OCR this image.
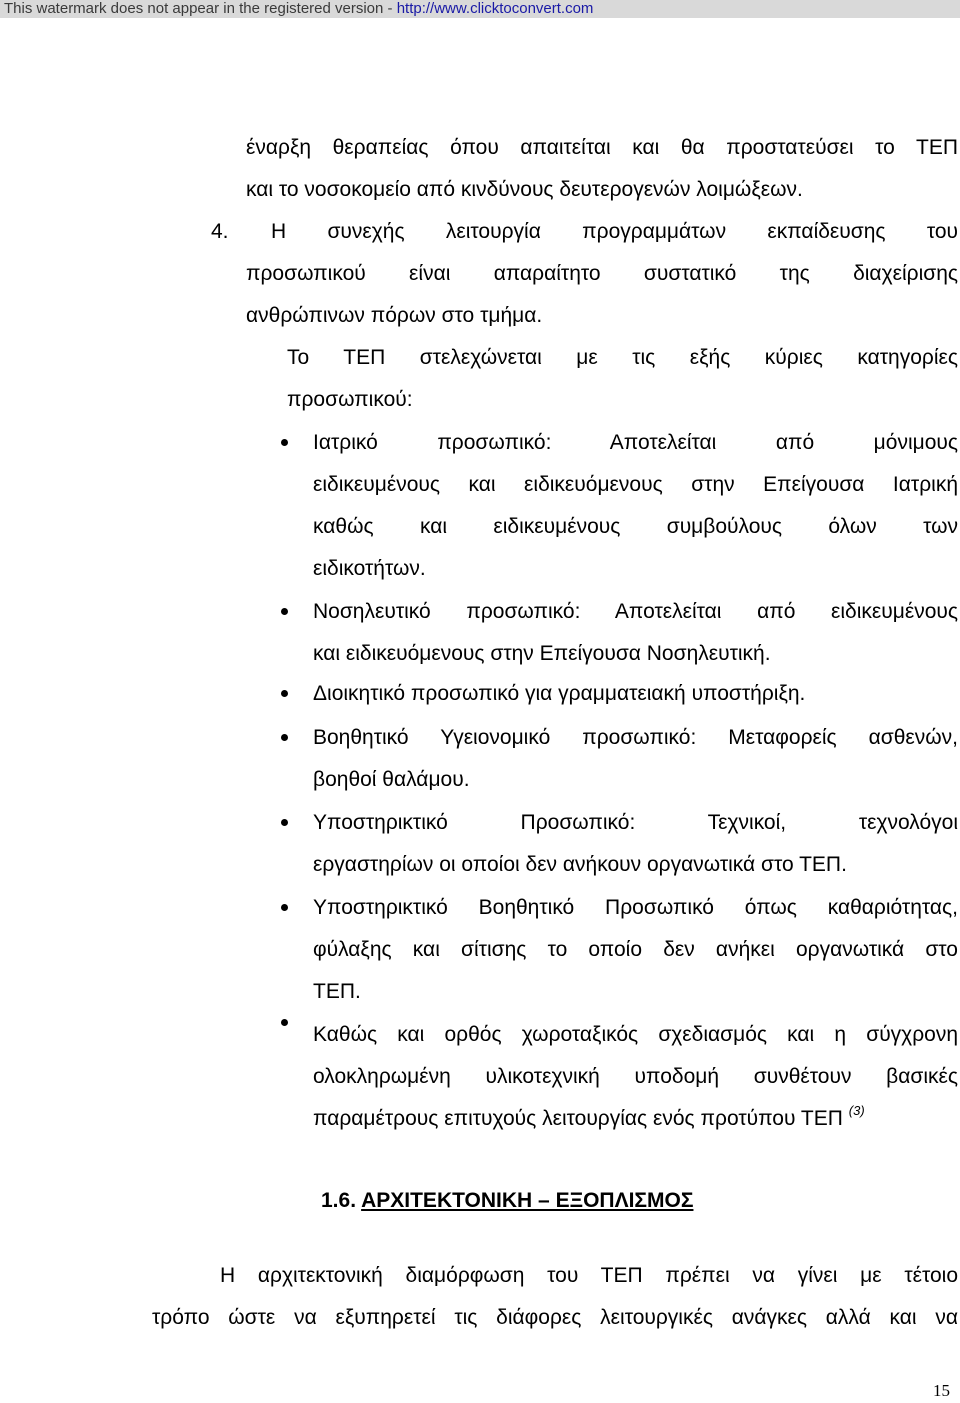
This watermark does not appear in the registered version - http://www.clicktoconvert.com
έναρξη θεραπείας όπου απαιτείται και θα προστατεύσει το ΤΕΠ
και το νοσοκομείο από κινδύνους δευτερογενών λοιμώξεων.
4. Η συνεχής λειτουργία προγραμμάτων εκπαίδευσης του
προσωπικού είναι απαραίτητο συστατικό της διαχείρισης
ανθρώπινων πόρων στο τμήμα.
Το ΤΕΠ στελεχώνεται με τις εξής κύριες κατηγορίες
προσωπικού:
Ιατρικό προσωπικό: Αποτελείται από μόνιμους
ειδικευμένους και ειδικευόμενους στην Επείγουσα Ιατρική
καθώς και ειδικευμένους συμβούλους όλων των
ειδικοτήτων.
Νοσηλευτικό προσωπικό: Αποτελείται από ειδικευμένους
και ειδικευόμενους στην Επείγουσα Νοσηλευτική.
Διοικητικό προσωπικό για γραμματειακή υποστήριξη.
Βοηθητικό Υγειονομικό προσωπικό: Μεταφορείς ασθενών,
βοηθοί θαλάμου.
Υποστηρικτικό Προσωπικό: Τεχνικοί, τεχνολόγοι
εργαστηρίων οι οποίοι δεν ανήκουν οργανωτικά στο ΤΕΠ.
Υποστηρικτικό Βοηθητικό Προσωπικό όπως καθαριότητας,
φύλαξης και σίτισης το οποίο δεν ανήκει οργανωτικά στο
ΤΕΠ.
Καθώς και ορθός χωροταξικός σχεδιασμός και η σύγχρονη
ολοκληρωμένη υλικοτεχνική υποδομή συνθέτουν βασικές
παραμέτρους επιτυχούς λειτουργίας ενός προτύπου ΤΕΠ $^{(3)}$
1.6. ΑΡΧΙΤΕΚΤΟΝΙΚΗ – ΕΞΟΠΛΙΣΜΟΣ
Η αρχιτεκτονική διαμόρφωση του ΤΕΠ πρέπει να γίνει με τέτοιο
τρόπο ώστε να εξυπηρετεί τις διάφορες λειτουργικές ανάγκες αλλά και να
15
